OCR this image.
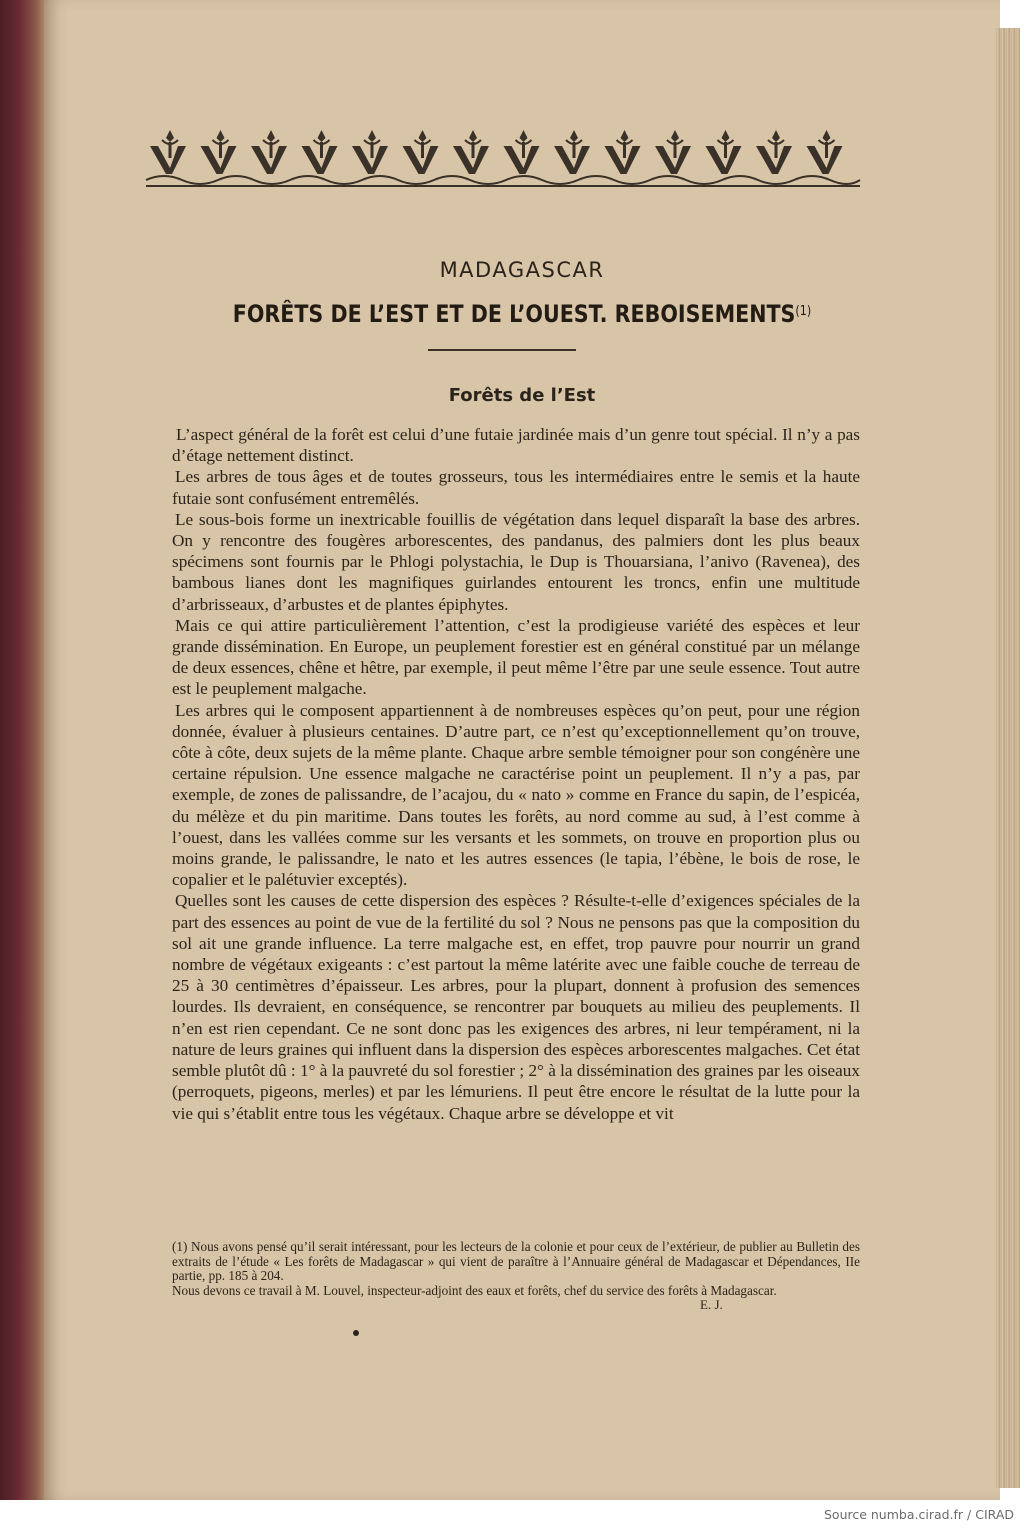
MADAGASCAR
FORÊTS DE L’EST ET DE L’OUEST. REBOISEMENTS$^{(1)}$
Forêts de l’Est

L’aspect général de la forêt est celui d’une futaie jardinée mais d’un genre tout spécial. Il n’y a pas d’étage nettement distinct.

Les arbres de tous âges et de toutes grosseurs, tous les intermédiaires entre le semis et la haute futaie sont confusément entremêlés.

Le sous-bois forme un inextricable fouillis de végétation dans lequel disparaît la base des arbres. On y rencontre des fougères arborescentes, des pandanus, des palmiers dont les plus beaux spécimens sont fournis par le Phlogi polystachia, le Dup is Thouarsiana, l’anivo (Ravenea), des bambous lianes dont les magnifiques guirlandes entourent les troncs, enfin une multitude d’arbrisseaux, d’arbustes et de plantes épiphytes.

Mais ce qui attire particulièrement l’attention, c’est la prodigieuse variété des espèces et leur grande dissémination. En Europe, un peuplement forestier est en général constitué par un mélange de deux essences, chêne et hêtre, par exemple, il peut même l’être par une seule essence. Tout autre est le peuplement malgache.

Les arbres qui le composent appartiennent à de nombreuses espèces qu’on peut, pour une région donnée, évaluer à plusieurs centaines. D’autre part, ce n’est qu’exceptionnellement qu’on trouve, côte à côte, deux sujets de la même plante. Chaque arbre semble témoigner pour son congénère une certaine répulsion. Une essence malgache ne caractérise point un peuplement. Il n’y a pas, par exemple, de zones de palissandre, de l’acajou, du « nato » comme en France du sapin, de l’espicéa, du mélèze et du pin maritime. Dans toutes les forêts, au nord comme au sud, à l’est comme à l’ouest, dans les vallées comme sur les versants et les sommets, on trouve en proportion plus ou moins grande, le palissandre, le nato et les autres essences (le tapia, l’ébène, le bois de rose, le copalier et le palétuvier exceptés).

Quelles sont les causes de cette dispersion des espèces ? Résulte-t-elle d’exigences spéciales de la part des essences au point de vue de la fertilité du sol ? Nous ne pensons pas que la composition du sol ait une grande influence. La terre malgache est, en effet, trop pauvre pour nourrir un grand nombre de végétaux exigeants : c’est partout la même latérite avec une faible couche de terreau de 25 à 30 centimètres d’épaisseur. Les arbres, pour la plupart, donnent à profusion des semences lourdes. Ils devraient, en conséquence, se rencontrer par bouquets au milieu des peuplements. Il n’en est rien cependant. Ce ne sont donc pas les exigences des arbres, ni leur tempérament, ni la nature de leurs graines qui influent dans la dispersion des espèces arborescentes malgaches. Cet état semble plutôt dû : 1° à la pauvreté du sol forestier ; 2° à la dissémination des graines par les oiseaux (perroquets, pigeons, merles) et par les lémuriens. Il peut être encore le résultat de la lutte pour la vie qui s’établit entre tous les végétaux. Chaque arbre se développe et vit

(1) Nous avons pensé qu’il serait intéressant, pour les lecteurs de la colonie et pour ceux de l’extérieur, de publier au Bulletin des extraits de l’étude « Les forêts de Madagascar » qui vient de paraître à l’Annuaire général de Madagascar et Dépendances, IIe partie, pp. 185 à 204.

Nous devons ce travail à M. Louvel, inspecteur-adjoint des eaux et forêts, chef du service des forêts à Madagascar.

E. J.
Source numba.cirad.fr / CIRAD
